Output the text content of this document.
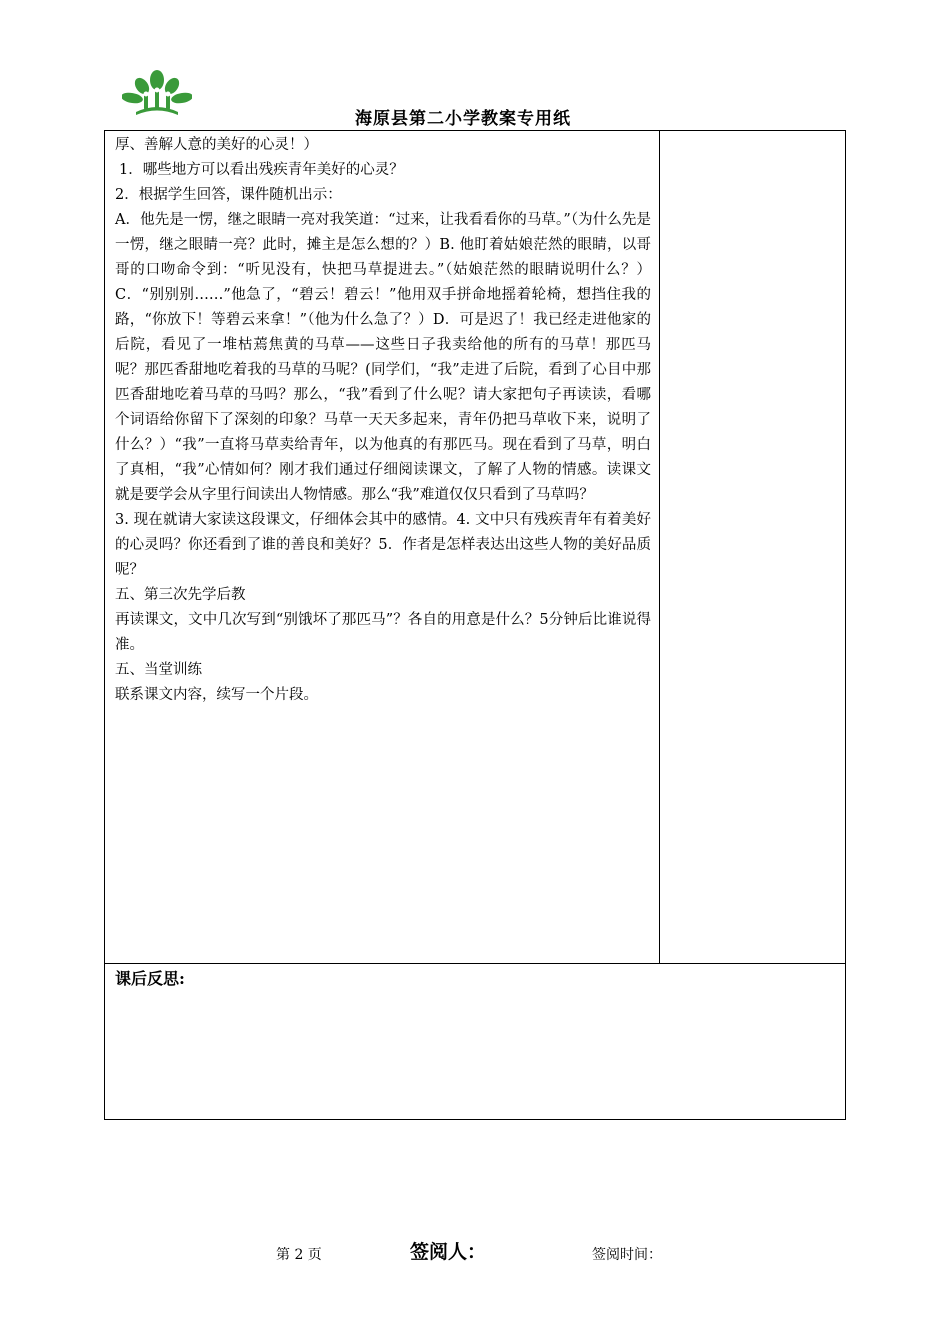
海原县第二小学教案专用纸

厚、善解人意的美好的心灵！）

1．哪些地方可以看出残疾青年美好的心灵？

2．根据学生回答，课件随机出示：

A．他先是一愣，继之眼睛一亮对我笑道：“过来，让我看看你的马草。”（为什么先是一愣，继之眼睛一亮？此时，摊主是怎么想的？）B. 他盯着姑娘茫然的眼睛，以哥哥的口吻命令到：“听见没有，快把马草提进去。”（姑娘茫然的眼睛说明什么？）C．“别别别……”他急了，“碧云！碧云！”他用双手拼命地摇着轮椅，想挡住我的路，“你放下！等碧云来拿！”（他为什么急了？）D．可是迟了！我已经走进他家的后院，看见了一堆枯蔫焦黄的马草——这些日子我卖给他的所有的马草！那匹马呢？那匹香甜地吃着我的马草的马呢？(同学们，“我”走进了后院，看到了心目中那匹香甜地吃着马草的马吗？那么，“我”看到了什么呢？请大家把句子再读读，看哪个词语给你留下了深刻的印象？马草一天天多起来，青年仍把马草收下来，说明了什么？）“我”一直将马草卖给青年，以为他真的有那匹马。现在看到了马草，明白了真相，“我”心情如何？刚才我们通过仔细阅读课文，了解了人物的情感。读课文就是要学会从字里行间读出人物情感。那么“我”难道仅仅只看到了马草吗？

3. 现在就请大家读这段课文，仔细体会其中的感情。4. 文中只有残疾青年有着美好的心灵吗？你还看到了谁的善良和美好？5．作者是怎样表达出这些人物的美好品质呢？

五、第三次先学后教

再读课文，文中几次写到“别饿坏了那匹马”？各自的用意是什么？5分钟后比谁说得准。

五、当堂训练

联系课文内容，续写一个片段。

课后反思:
第 2 页	签阅人：	签阅时间：
